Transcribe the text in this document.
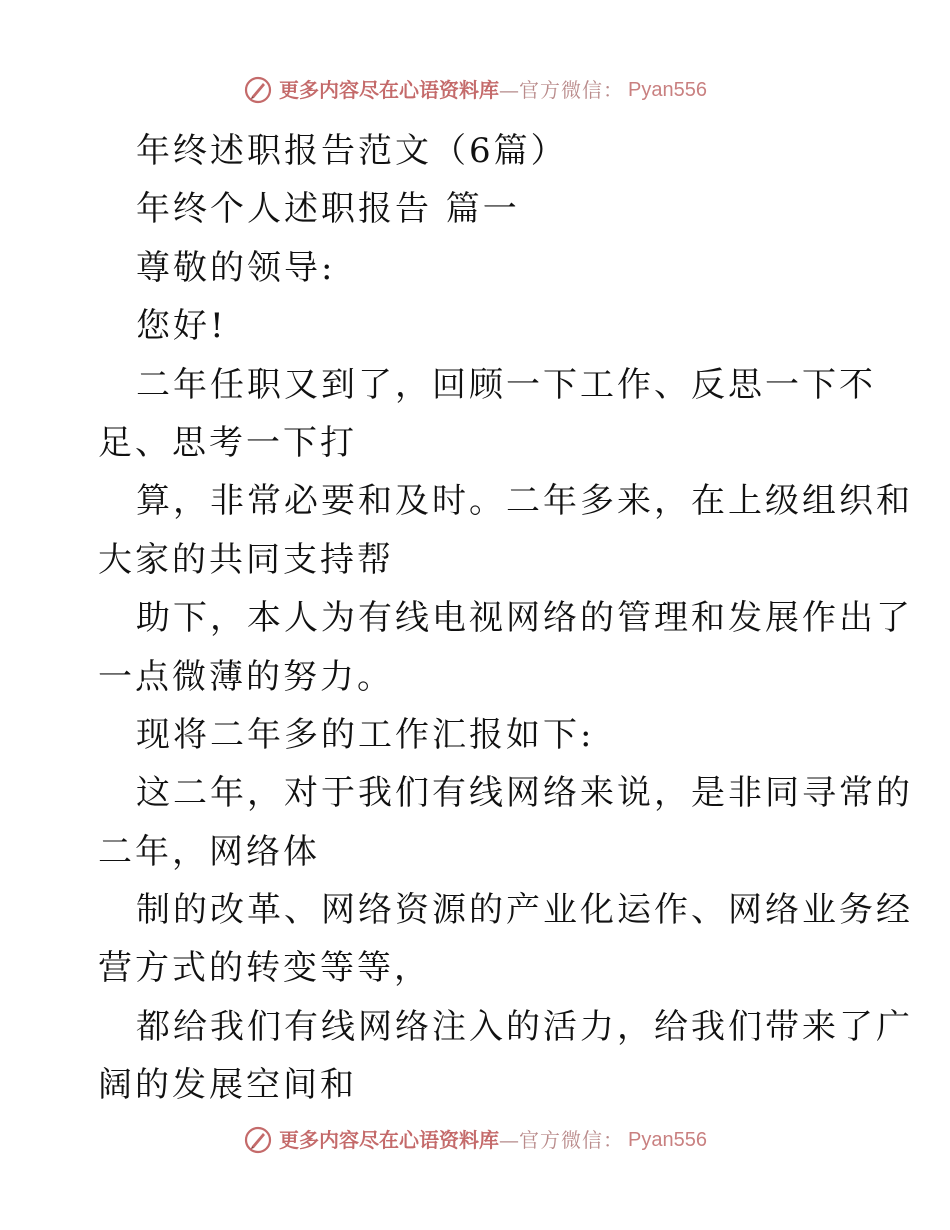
更多内容尽在心语资料库 — 官方微信： Pyan556
年终述职报告范文（6篇）
年终个人述职报告 篇一
尊敬的领导:
您好!
二年任职又到了，回顾一下工作、反思一下不
足、思考一下打
算，非常必要和及时。二年多来，在上级组织和
大家的共同支持帮
助下，本人为有线电视网络的管理和发展作出了
一点微薄的努力。
现将二年多的工作汇报如下:
这二年，对于我们有线网络来说，是非同寻常的
二年，网络体
制的改革、网络资源的产业化运作、网络业务经
营方式的转变等等，
都给我们有线网络注入的活力，给我们带来了广
阔的发展空间和
更多内容尽在心语资料库 — 官方微信： Pyan556
